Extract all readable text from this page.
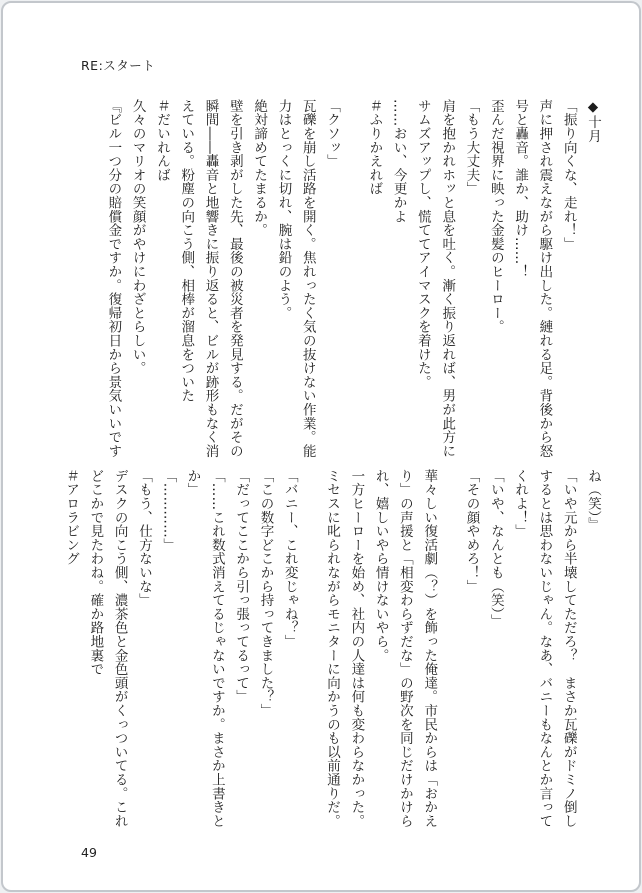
RE:スタート

◆十月

「振り向くな、走れ！」

声に押され震えながら駆け出した。縺れる足。背後から怒号と轟音。誰か、助け……！

歪んだ視界に映った金髪のヒーロー。

「もう大丈夫」

肩を抱かれホッと息を吐く。漸く振り返れば、男が此方にサムズアップし、慌ててアイマスクを着けた。

……おい、今更かよ

＃ふりかえれば

「クソッ」

瓦礫を崩し活路を開く。焦れったく気の抜けない作業。能力はとっくに切れ、腕は鉛のよう。

絶対諦めてたまるか。

壁を引き剥がした先、最後の被災者を発見する。だがその瞬間――轟音と地響きに振り返ると、ビルが跡形もなく消えている。粉塵の向こう側、相棒が溜息をついた

＃だいれんば

久々のマリオの笑顔がやけにわざとらしい。

『ビル一つ分の賠償金ですか。復帰初日から景気いいです

ね（笑）』

「いや元から半壊してただろ？　まさか瓦礫がドミノ倒しするとは思わないじゃん。なあ、バニーもなんとか言ってくれよ！」

「いや、なんとも（笑）」

「その顔やめろ！」

華々しい復活劇（？）を飾った俺達。市民からは「おかえり」の声援と「相変わらずだな」の野次を同じだけかけられ、嬉しいやら情けないやら。

一方ヒーローを始め、社内の人達は何も変わらなかった。ミセスに叱られながらモニターに向かうのも以前通りだ。

「バニー、これ変じゃね？」

「この数字どこから持ってきました？」

「だってここから引っ張ってるって」

「……これ数式消えてるじゃないですか。まさか上書きとか」

「…………」

「もう、仕方ないな」

デスクの向こう側、濃茶色と金色頭がくっついてる。これどこかで見たわね。確か路地裏で

＃アロラビング

49
